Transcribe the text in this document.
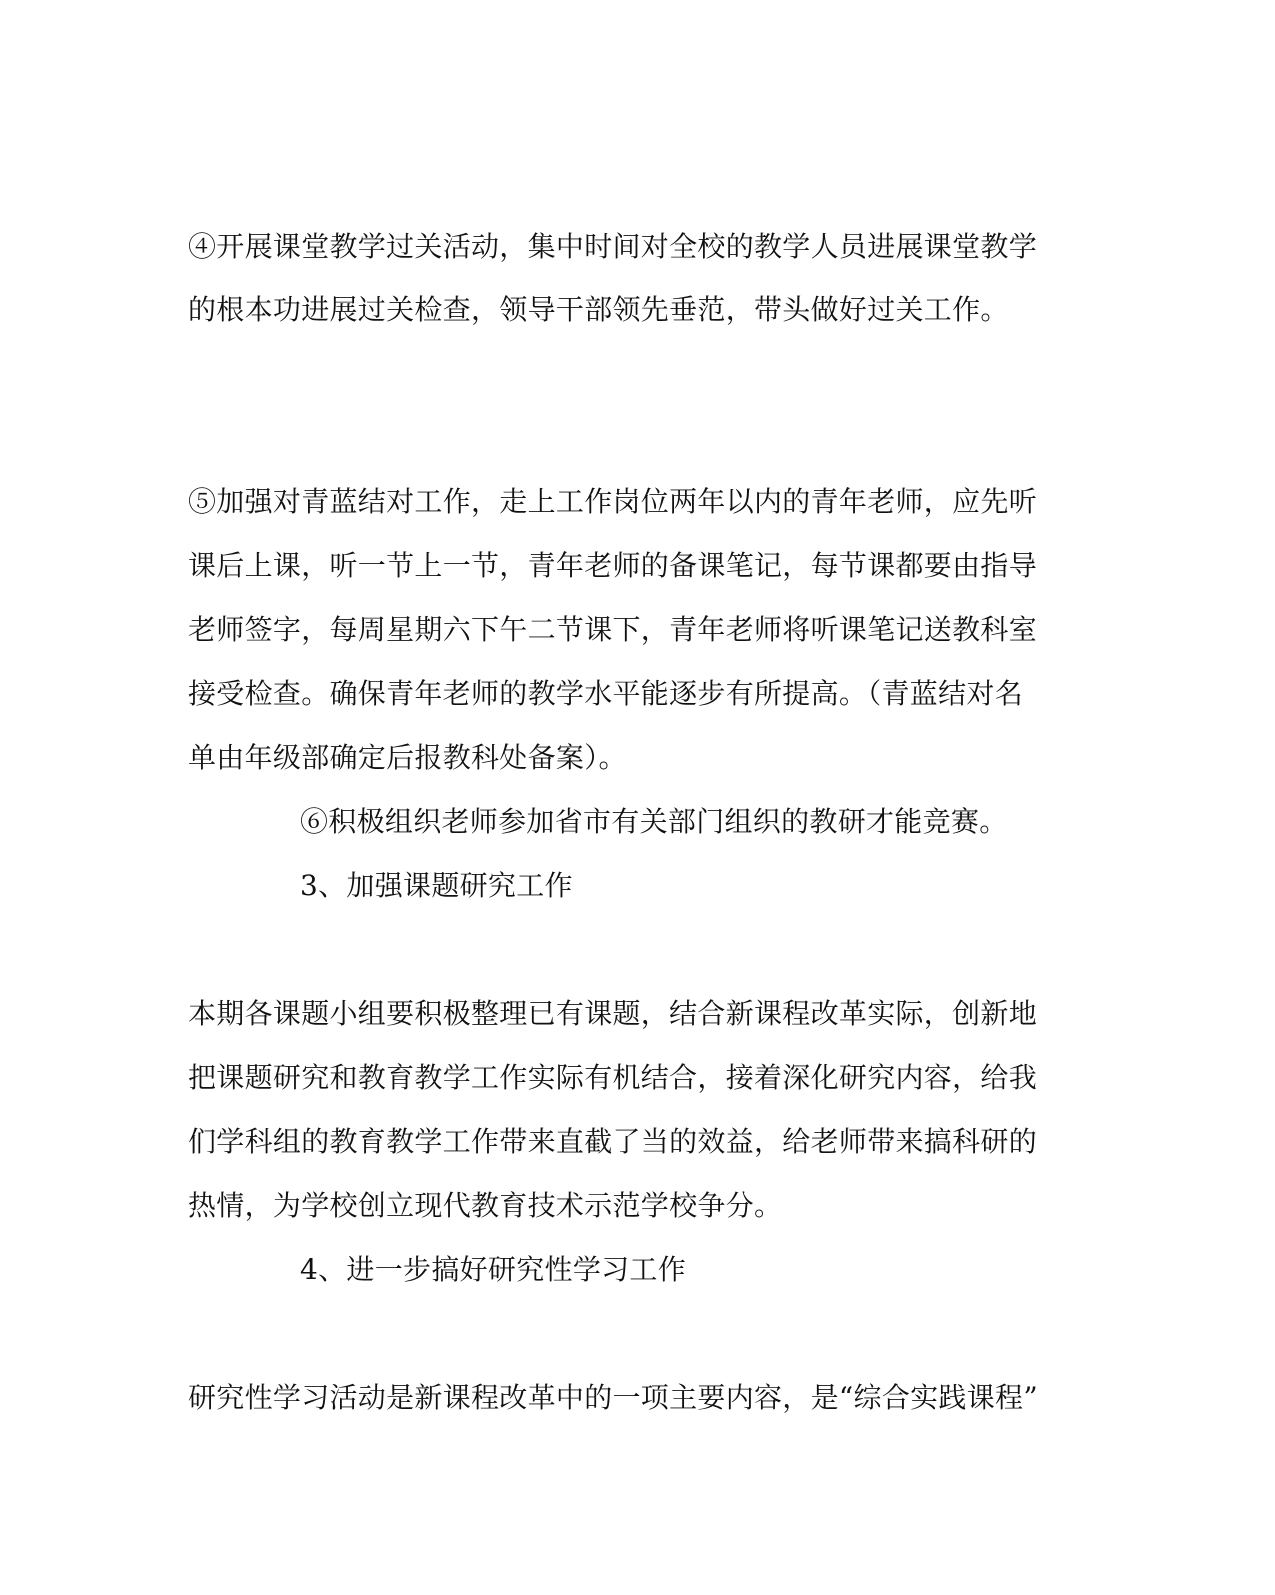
④开展课堂教学过关活动，集中时间对全校的教学人员进展课堂教学
的根本功进展过关检查，领导干部领先垂范，带头做好过关工作。
⑤加强对青蓝结对工作，走上工作岗位两年以内的青年老师，应先听
课后上课，听一节上一节，青年老师的备课笔记，每节课都要由指导
老师签字，每周星期六下午二节课下，青年老师将听课笔记送教科室
接受检查。确保青年老师的教学水平能逐步有所提高。（青蓝结对名
单由年级部确定后报教科处备案）。
⑥积极组织老师参加省市有关部门组织的教研才能竞赛。
3、加强课题研究工作
本期各课题小组要积极整理已有课题，结合新课程改革实际，创新地
把课题研究和教育教学工作实际有机结合，接着深化研究内容，给我
们学科组的教育教学工作带来直截了当的效益，给老师带来搞科研的
热情，为学校创立现代教育技术示范学校争分。
4、进一步搞好研究性学习工作
研究性学习活动是新课程改革中的一项主要内容，是“综合实践课程”
